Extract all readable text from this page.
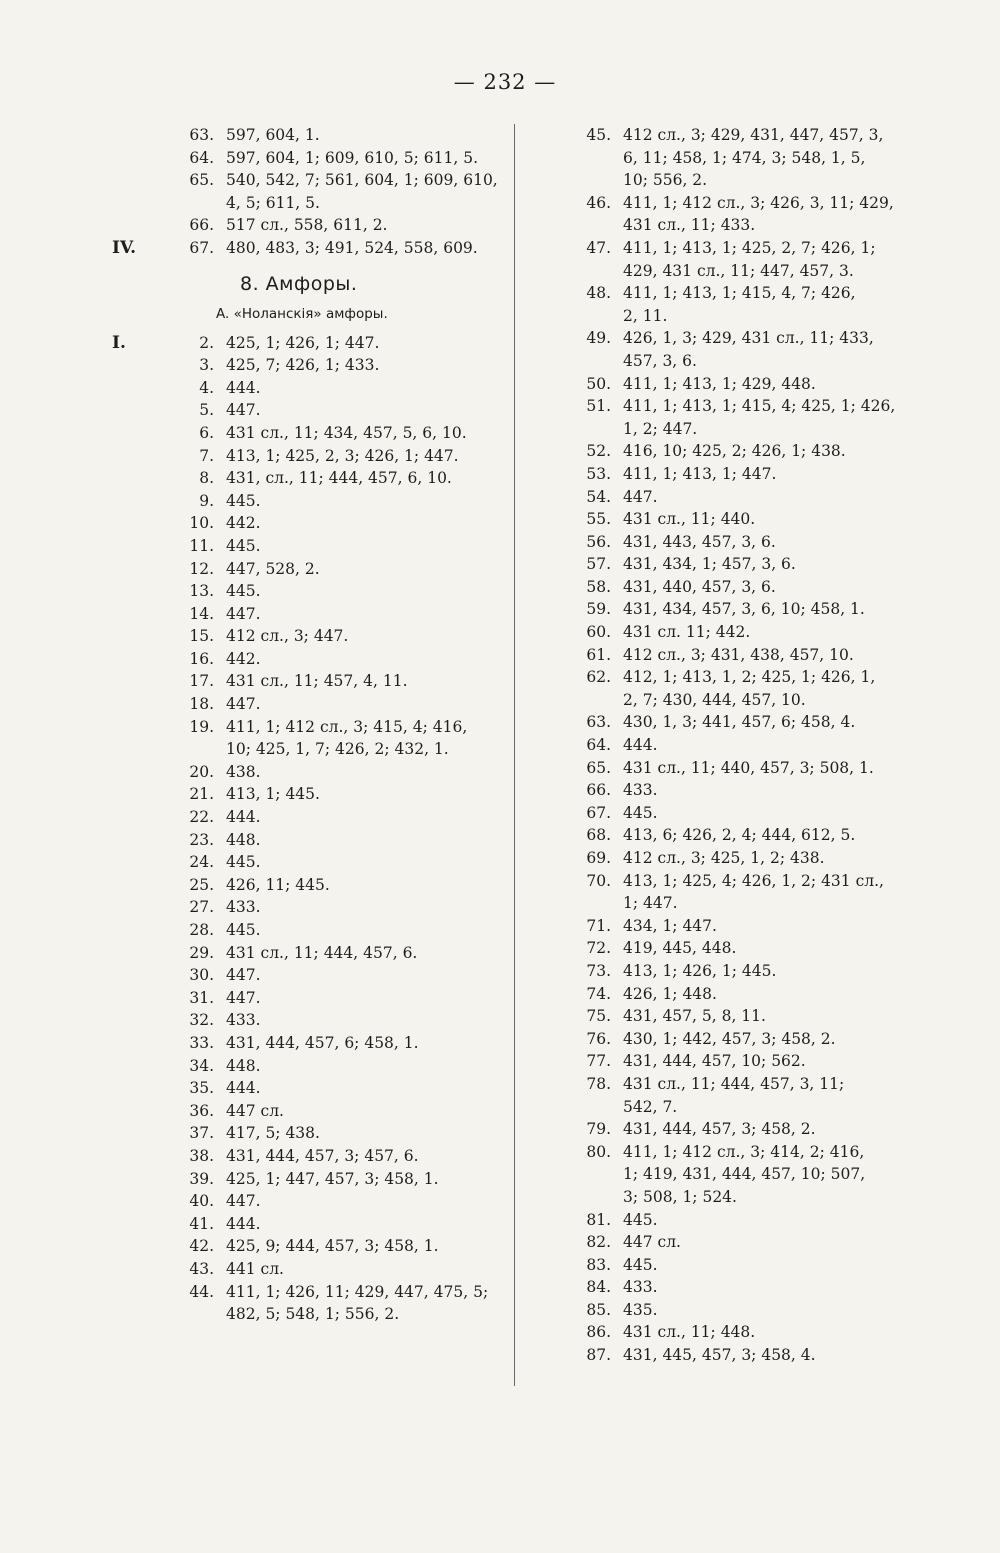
— 232 —
63. 597, 604, 1.
64. 597, 604, 1; 609, 610, 5; 611, 5.
65. 540, 542, 7; 561, 604, 1; 609, 610,
4, 5; 611, 5.
66. 517 сл., 558, 611, 2.
IV.	67. 480, 483, 3; 491, 524, 558, 609.
8. Амфоры.
A. «Ноланскiя» амфоры.
I.	2. 425, 1; 426, 1; 447.
3. 425, 7; 426, 1; 433.
4. 444.
5. 447.
6. 431 сл., 11; 434, 457, 5, 6, 10.
7. 413, 1; 425, 2, 3; 426, 1; 447.
8. 431, сл., 11; 444, 457, 6, 10.
9. 445.
10. 442.
11. 445.
12. 447, 528, 2.
13. 445.
14. 447.
15. 412 сл., 3; 447.
16. 442.
17. 431 сл., 11; 457, 4, 11.
18. 447.
19. 411, 1; 412 сл., 3; 415, 4; 416,
10; 425, 1, 7; 426, 2; 432, 1.
20. 438.
21. 413, 1; 445.
22. 444.
23. 448.
24. 445.
25. 426, 11; 445.
27. 433.
28. 445.
29. 431 сл., 11; 444, 457, 6.
30. 447.
31. 447.
32. 433.
33. 431, 444, 457, 6; 458, 1.
34. 448.
35. 444.
36. 447 сл.
37. 417, 5; 438.
38. 431, 444, 457, 3; 457, 6.
39. 425, 1; 447, 457, 3; 458, 1.
40. 447.
41. 444.
42. 425, 9; 444, 457, 3; 458, 1.
43. 441 сл.
44. 411, 1; 426, 11; 429, 447, 475, 5;
482, 5; 548, 1; 556, 2.
45. 412 сл., 3; 429, 431, 447, 457, 3,
6, 11; 458, 1; 474, 3; 548, 1, 5,
10; 556, 2.
46. 411, 1; 412 сл., 3; 426, 3, 11; 429,
431 сл., 11; 433.
47. 411, 1; 413, 1; 425, 2, 7; 426, 1;
429, 431 сл., 11; 447, 457, 3.
48. 411, 1; 413, 1; 415, 4, 7; 426,
2, 11.
49. 426, 1, 3; 429, 431 сл., 11; 433,
457, 3, 6.
50. 411, 1; 413, 1; 429, 448.
51. 411, 1; 413, 1; 415, 4; 425, 1; 426,
1, 2; 447.
52. 416, 10; 425, 2; 426, 1; 438.
53. 411, 1; 413, 1; 447.
54. 447.
55. 431 сл., 11; 440.
56. 431, 443, 457, 3, 6.
57. 431, 434, 1; 457, 3, 6.
58. 431, 440, 457, 3, 6.
59. 431, 434, 457, 3, 6, 10; 458, 1.
60. 431 сл. 11; 442.
61. 412 сл., 3; 431, 438, 457, 10.
62. 412, 1; 413, 1, 2; 425, 1; 426, 1,
2, 7; 430, 444, 457, 10.
63. 430, 1, 3; 441, 457, 6; 458, 4.
64. 444.
65. 431 сл., 11; 440, 457, 3; 508, 1.
66. 433.
67. 445.
68. 413, 6; 426, 2, 4; 444, 612, 5.
69. 412 сл., 3; 425, 1, 2; 438.
70. 413, 1; 425, 4; 426, 1, 2; 431 сл.,
1; 447.
71. 434, 1; 447.
72. 419, 445, 448.
73. 413, 1; 426, 1; 445.
74. 426, 1; 448.
75. 431, 457, 5, 8, 11.
76. 430, 1; 442, 457, 3; 458, 2.
77. 431, 444, 457, 10; 562.
78. 431 сл., 11; 444, 457, 3, 11;
542, 7.
79. 431, 444, 457, 3; 458, 2.
80. 411, 1; 412 сл., 3; 414, 2; 416,
1; 419, 431, 444, 457, 10; 507,
3; 508, 1; 524.
81. 445.
82. 447 сл.
83. 445.
84. 433.
85. 435.
86. 431 сл., 11; 448.
87. 431, 445, 457, 3; 458, 4.
